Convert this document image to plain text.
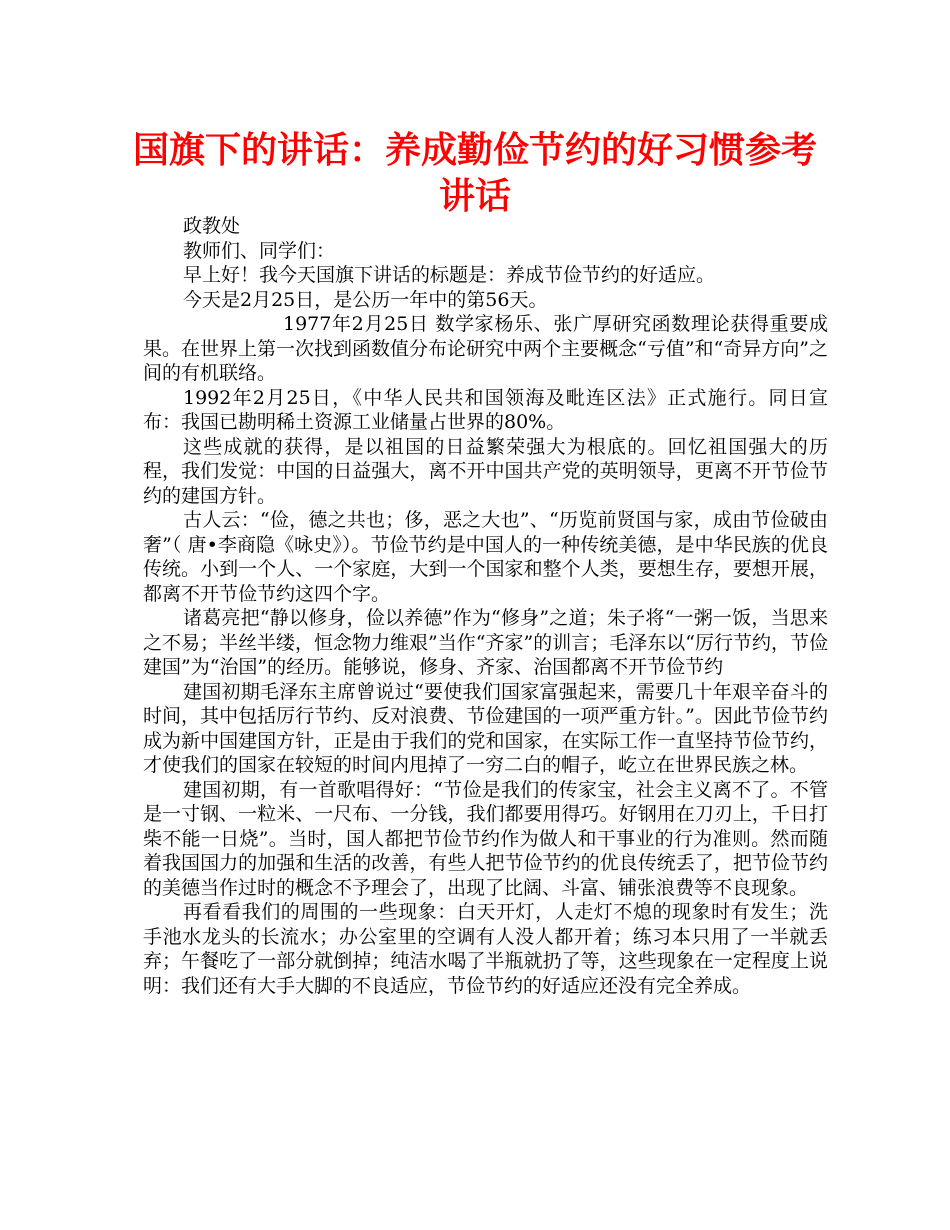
国旗下的讲话：养成勤俭节约的好习惯参考讲话

政教处

教师们、同学们：

早上好！我今天国旗下讲话的标题是：养成节俭节约的好适应。

今天是2月25日，是公历一年中的第56天。

1977年2月25日 数学家杨乐、张广厚研究函数理论获得重要成果。在世界上第一次找到函数值分布论研究中两个主要概念“亏值”和“奇异方向”之间的有机联络。

1992年2月25日，《中华人民共和国领海及毗连区法》正式施行。同日宣布：我国已勘明稀土资源工业储量占世界的80%。

这些成就的获得，是以祖国的日益繁荣强大为根底的。回忆祖国强大的历程，我们发觉：中国的日益强大，离不开中国共产党的英明领导，更离不开节俭节约的建国方针。

古人云：“俭，德之共也；侈，恶之大也”、“历览前贤国与家，成由节俭破由奢”（ 唐•李商隐《咏史》）。节俭节约是中国人的一种传统美德，是中华民族的优良传统。小到一个人、一个家庭，大到一个国家和整个人类，要想生存，要想开展，都离不开节俭节约这四个字。

诸葛亮把“静以修身，俭以养德”作为“修身”之道；朱子将“一粥一饭，当思来之不易；半丝半缕，恒念物力维艰”当作“齐家”的训言；毛泽东以“厉行节约，节俭建国”为“治国”的经历。能够说，修身、齐家、治国都离不开节俭节约

建国初期毛泽东主席曾说过“要使我们国家富强起来，需要几十年艰辛奋斗的时间，其中包括厉行节约、反对浪费、节俭建国的一项严重方针。”。因此节俭节约成为新中国建国方针，正是由于我们的党和国家，在实际工作一直坚持节俭节约，才使我们的国家在较短的时间内甩掉了一穷二白的帽子，屹立在世界民族之林。

建国初期，有一首歌唱得好：“节俭是我们的传家宝，社会主义离不了。不管是一寸钢、一粒米、一尺布、一分钱，我们都要用得巧。好钢用在刀刃上，千日打柴不能一日烧”。当时，国人都把节俭节约作为做人和干事业的行为准则。然而随着我国国力的加强和生活的改善，有些人把节俭节约的优良传统丢了，把节俭节约的美德当作过时的概念不予理会了，出现了比阔、斗富、铺张浪费等不良现象。

再看看我们的周围的一些现象：白天开灯，人走灯不熄的现象时有发生；洗手池水龙头的长流水；办公室里的空调有人没人都开着；练习本只用了一半就丢弃；午餐吃了一部分就倒掉；纯洁水喝了半瓶就扔了等，这些现象在一定程度上说明：我们还有大手大脚的不良适应，节俭节约的好适应还没有完全养成。
